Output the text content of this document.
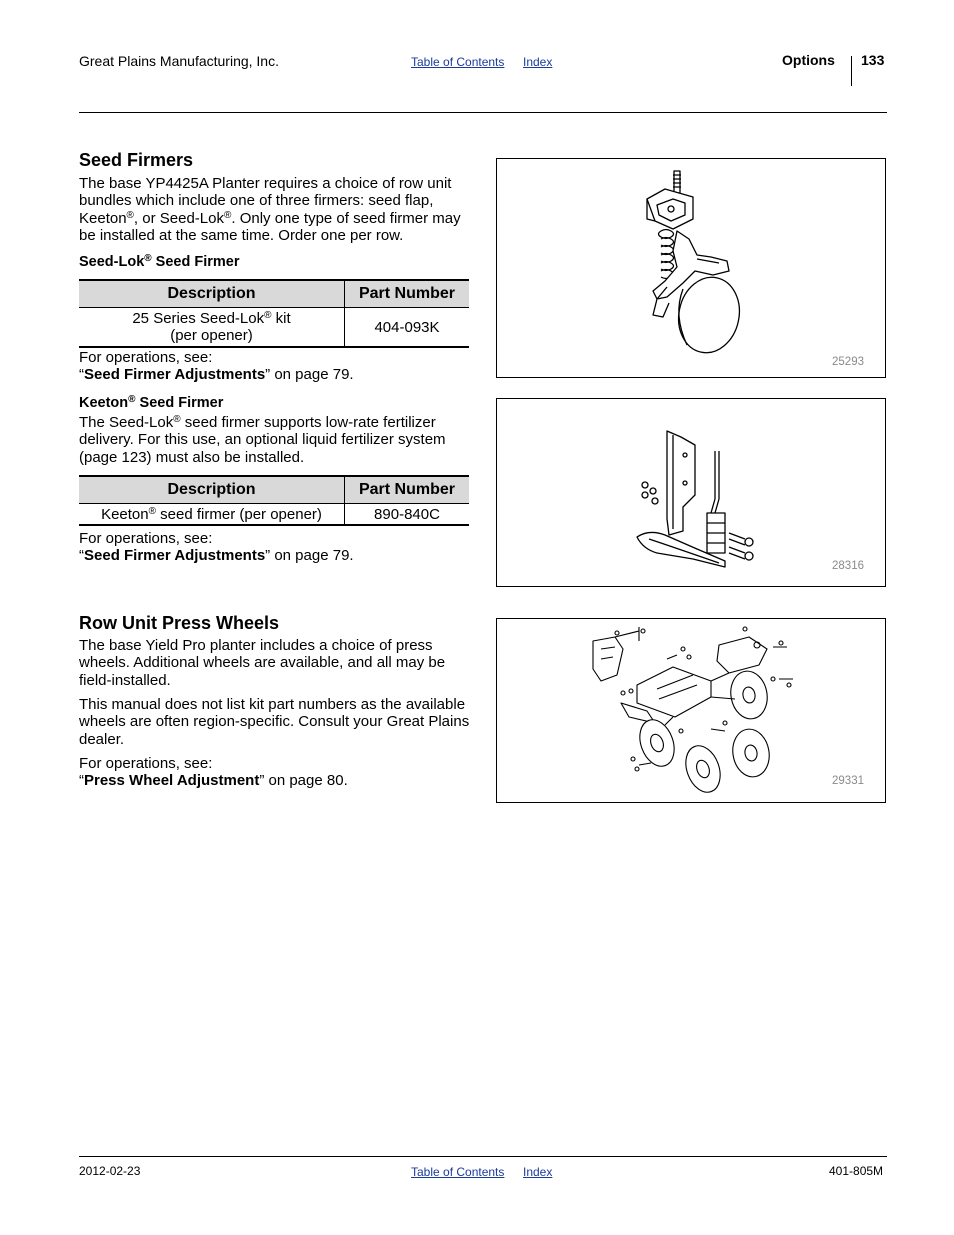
Great Plains Manufacturing, Inc.	Table of Contents Index	Options 133
Seed Firmers

The base YP4425A Planter requires a choice of row unit bundles which include one of three firmers: seed flap, Keeton®, or Seed-Lok®. Only one type of seed firmer may be installed at the same time. Order one per row.

Seed-Lok® Seed Firmer
Description	Part Number
25 Series Seed-Lok® kit
(per opener)	404-093K

For operations, see:
“Seed Firmer Adjustments” on page 79.

Keeton® Seed Firmer

The Seed-Lok® seed firmer supports low-rate fertilizer delivery. For this use, an optional liquid fertilizer system (page 123) must also be installed.

Description	Part Number
Keeton® seed firmer (per opener)	890-840C

For operations, see:
“Seed Firmer Adjustments” on page 79.

Row Unit Press Wheels

The base Yield Pro planter includes a choice of press wheels. Additional wheels are available, and all may be field-installed.

This manual does not list kit part numbers as the available wheels are often region-specific. Consult your Great Plains dealer.

For operations, see:
“Press Wheel Adjustment” on page 80.

25293
28316
29331
2012-02-23	Table of Contents Index	401-805M
